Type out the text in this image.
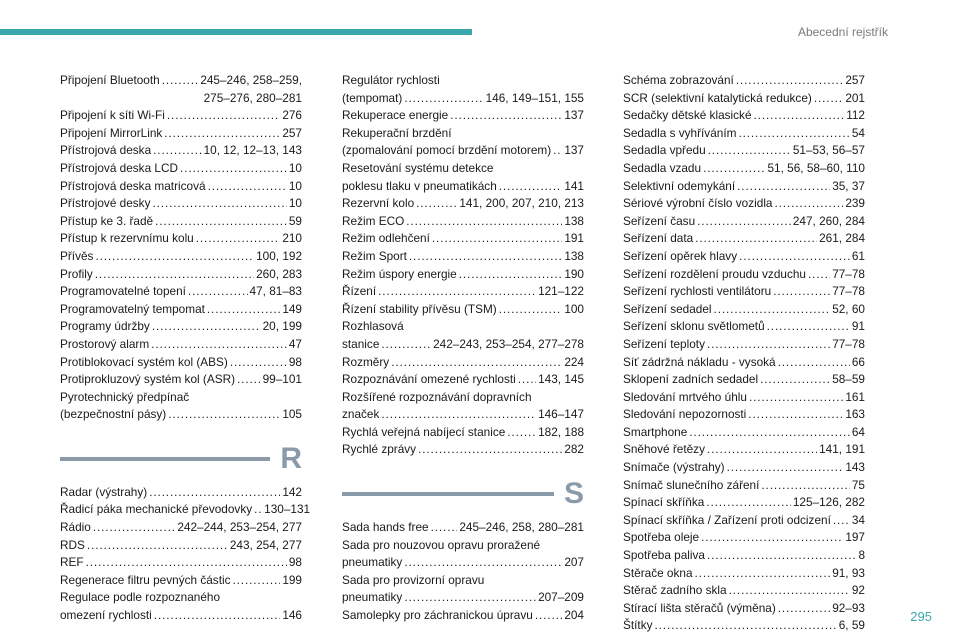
Abecední rejstřík
Připojení Bluetooth . . .	245–246, 258–259,
275–276, 280–281
Připojení k síti Wi-Fi . . .	276
Připojení MirrorLink . . .	257
Přístrojová deska . . .	10, 12, 12–13, 143
Přístrojová deska LCD . . .	10
Přístrojová deska matricová . . .	10
Přístrojové desky . . .	10
Přístup ke 3. řadě . . .	59
Přístup k rezervnímu kolu . . .	210
Přívěs . . .	100, 192
Profily . . .	260, 283
Programovatelné topení . . .	47, 81–83
Programovatelný tempomat . . .	149
Programy údržby . . .	20, 199
Prostorový alarm . . .	47
Protiblokovací systém kol (ABS) . . .	98
Protiprokluzový systém kol (ASR) . . . 99–101
Pyrotechnický předpínač
(bezpečnostní pásy) . . .	105
R
Radar (výstrahy) . . .	142
Řadicí páka mechanické převodovky . . . 130–131
Rádio . . .	242–244, 253–254, 277
RDS . . .	243, 254, 277
REF . . .	98
Regenerace filtru pevných částic . . .	199
Regulace podle rozpoznaného
omezení rychlosti . . .	146
Regulátor rychlosti
(tempomat) . . .	146, 149–151, 155
Rekuperace energie . . .	137
Rekuperační brzdění
(zpomalování pomocí brzdění motorem) . . . 137
Resetování systému detekce
poklesu tlaku v pneumatikách . . .	141
Rezervní kolo . . .	141, 200, 207, 210, 213
Režim ECO . . .	138
Režim odlehčení . . .	191
Režim Sport . . .	138
Režim úspory energie . . .	190
Řízení . . .	121–122
Řízení stability přívěsu (TSM) . . .	100
Rozhlasová
stanice . . .	242–243, 253–254, 277–278
Rozměry . . .	224
Rozpoznávání omezené rychlosti . . . 143, 145
Rozšířené rozpoznávání dopravních
značek . . .	146–147
Rychlá veřejná nabíjecí stanice . . .	182, 188
Rychlé zprávy . . .	282
S
Sada hands free . . .	245–246, 258, 280–281
Sada pro nouzovou opravu proražené
pneumatiky . . .	207
Sada pro provizorní opravu
pneumatiky . . .	207–209
Samolepky pro záchranickou úpravu . . .	204
Schéma zobrazování . . .	257
SCR (selektivní katalytická redukce) . . .	201
Sedačky dětské klasické . . .	112
Sedadla s vyhříváním . . .	54
Sedadla vpředu . . .	51–53, 56–57
Sedadla vzadu . . .	51, 56, 58–60, 110
Selektivní odemykání . . .	35, 37
Sériové výrobní číslo vozidla . . .	239
Seřízení času . . .	247, 260, 284
Seřízení data . . .	261, 284
Seřízení opěrek hlavy . . .	61
Seřízení rozdělení proudu vzduchu . . . 77–78
Seřízení rychlosti ventilátoru . . .	77–78
Seřízení sedadel . . .	52, 60
Seřízení sklonu světlometů . . .	91
Seřízení teploty . . .	77–78
Síť zádržná nákladu - vysoká . . .	66
Sklopení zadních sedadel . . .	58–59
Sledování mrtvého úhlu . . .	161
Sledování nepozornosti . . .	163
Smartphone . . .	64
Sněhové řetězy . . .	141, 191
Snímače (výstrahy) . . .	143
Snímač slunečního záření . . .	75
Spínací skříňka . . .	125–126, 282
Spínací skříňka / Zařízení proti odcizení . . . 34
Spotřeba oleje . . .	197
Spotřeba paliva . . .	8
Stěrače okna . . .	91, 93
Stěrač zadního skla . . .	92
Stírací lišta stěračů (výměna) . . .	92–93
Štítky . . .	6, 59
295
